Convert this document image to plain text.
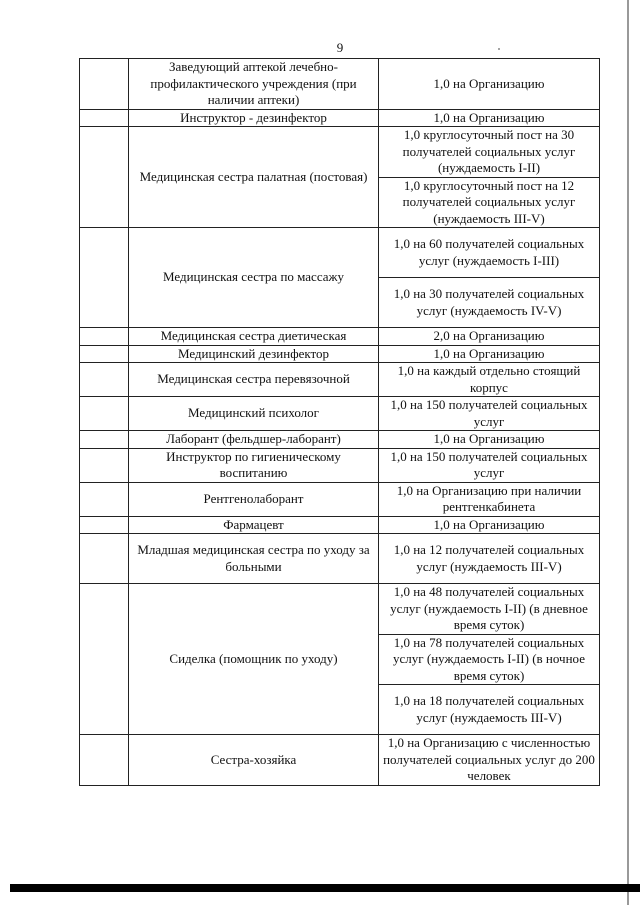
9
	Заведующий аптекой лечебно-профилактического учреждения (при наличии аптеки)	1,0 на Организацию
	Инструктор - дезинфектор	1,0 на Организацию
	Медицинская сестра палатная (постовая)	1,0 круглосуточный пост на 30 получателей социальных услуг (нуждаемость I-II)
		1,0 круглосуточный пост на 12 получателей социальных услуг (нуждаемость III-V)
	Медицинская сестра по массажу	1,0 на 60 получателей социальных услуг (нуждаемость I-III)
		1,0 на 30 получателей социальных услуг (нуждаемость IV-V)
	Медицинская сестра диетическая	2,0 на Организацию
	Медицинский дезинфектор	1,0 на Организацию
	Медицинская сестра перевязочной	1,0 на каждый отдельно стоящий корпус
	Медицинский психолог	1,0 на 150 получателей социальных услуг
	Лаборант (фельдшер-лаборант)	1,0 на Организацию
	Инструктор по гигиеническому воспитанию	1,0 на 150 получателей социальных услуг
	Рентгенолаборант	1,0 на Организацию при наличии рентгенкабинета
	Фармацевт	1,0 на Организацию
	Младшая медицинская сестра по уходу за больными	1,0 на 12 получателей социальных услуг (нуждаемость III-V)
	Сиделка (помощник по уходу)	1,0 на 48 получателей социальных услуг (нуждаемость I-II) (в дневное время суток)
		1,0 на 78 получателей социальных услуг (нуждаемость I-II) (в ночное время суток)
		1,0 на 18 получателей социальных услуг (нуждаемость III-V)
	Сестра-хозяйка	1,0 на Организацию с численностью получателей социальных услуг до 200 человек
